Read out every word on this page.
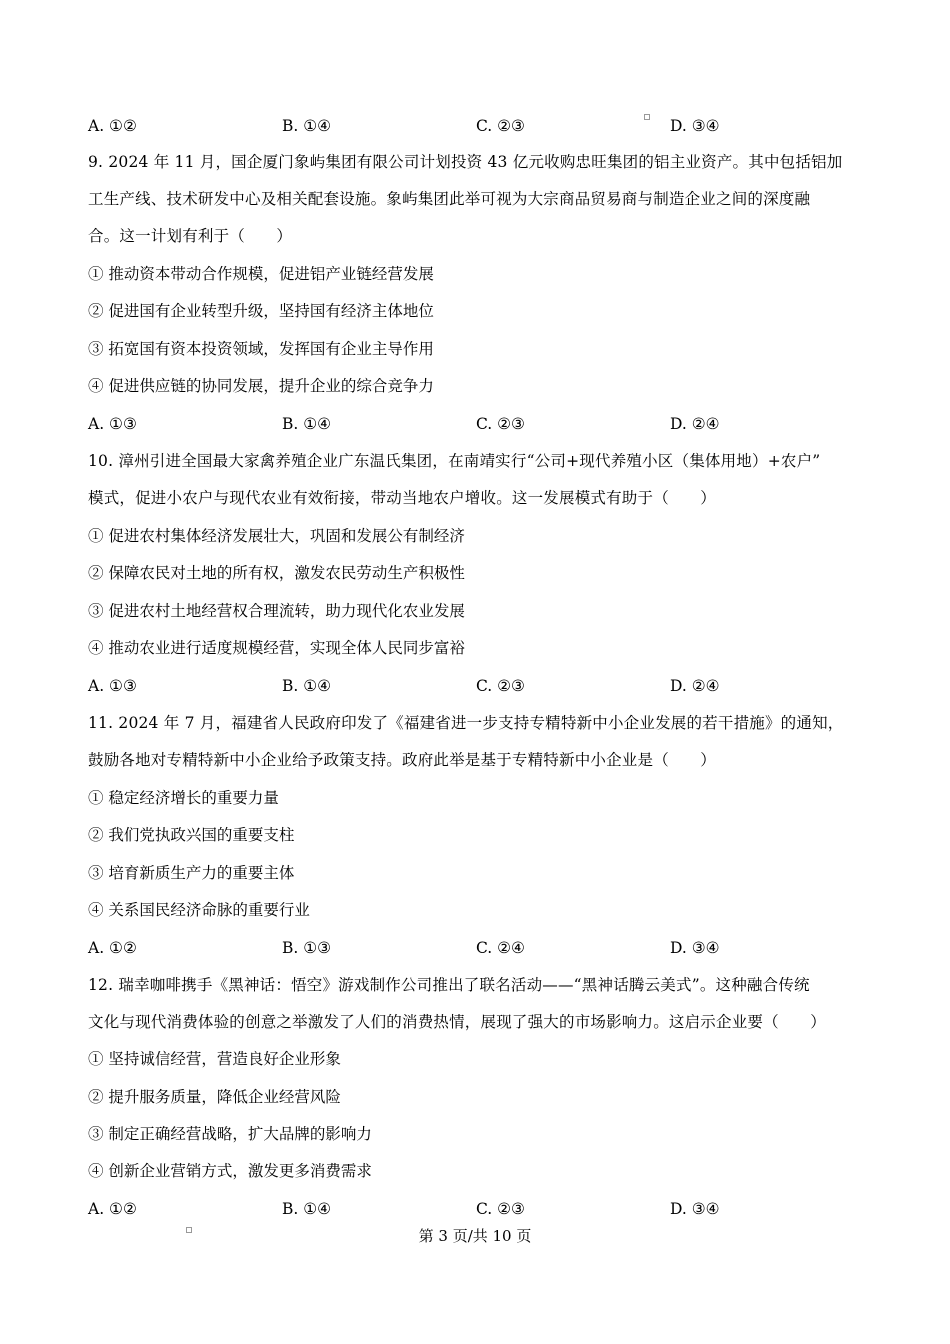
A. ①②	B. ①④	C. ②③	D. ③④
9. 2024 年 11 月，国企厦门象屿集团有限公司计划投资 43 亿元收购忠旺集团的铝主业资产。其中包括铝加
工生产线、技术研发中心及相关配套设施。象屿集团此举可视为大宗商品贸易商与制造企业之间的深度融
合。这一计划有利于（　　）
① 推动资本带动合作规模，促进铝产业链经营发展
② 促进国有企业转型升级，坚持国有经济主体地位
③ 拓宽国有资本投资领域，发挥国有企业主导作用
④ 促进供应链的协同发展，提升企业的综合竞争力
A. ①③	B. ①④	C. ②③	D. ②④
10. 漳州引进全国最大家禽养殖企业广东温氏集团，在南靖实行“公司+现代养殖小区（集体用地）+农户”
模式，促进小农户与现代农业有效衔接，带动当地农户增收。这一发展模式有助于（　　）
① 促进农村集体经济发展壮大，巩固和发展公有制经济
② 保障农民对土地的所有权，激发农民劳动生产积极性
③ 促进农村土地经营权合理流转，助力现代化农业发展
④ 推动农业进行适度规模经营，实现全体人民同步富裕
A. ①③	B. ①④	C. ②③	D. ②④
11. 2024 年 7 月，福建省人民政府印发了《福建省进一步支持专精特新中小企业发展的若干措施》的通知，
鼓励各地对专精特新中小企业给予政策支持。政府此举是基于专精特新中小企业是（　　）
① 稳定经济增长的重要力量
② 我们党执政兴国的重要支柱
③ 培育新质生产力的重要主体
④ 关系国民经济命脉的重要行业
A. ①②	B. ①③	C. ②④	D. ③④
12. 瑞幸咖啡携手《黑神话：悟空》游戏制作公司推出了联名活动——“黑神话腾云美式”。这种融合传统
文化与现代消费体验的创意之举激发了人们的消费热情，展现了强大的市场影响力。这启示企业要（　　）
① 坚持诚信经营，营造良好企业形象
② 提升服务质量，降低企业经营风险
③ 制定正确经营战略，扩大品牌的影响力
④ 创新企业营销方式，激发更多消费需求
A. ①②	B. ①④	C. ②③	D. ③④
第 3 页/共 10 页
